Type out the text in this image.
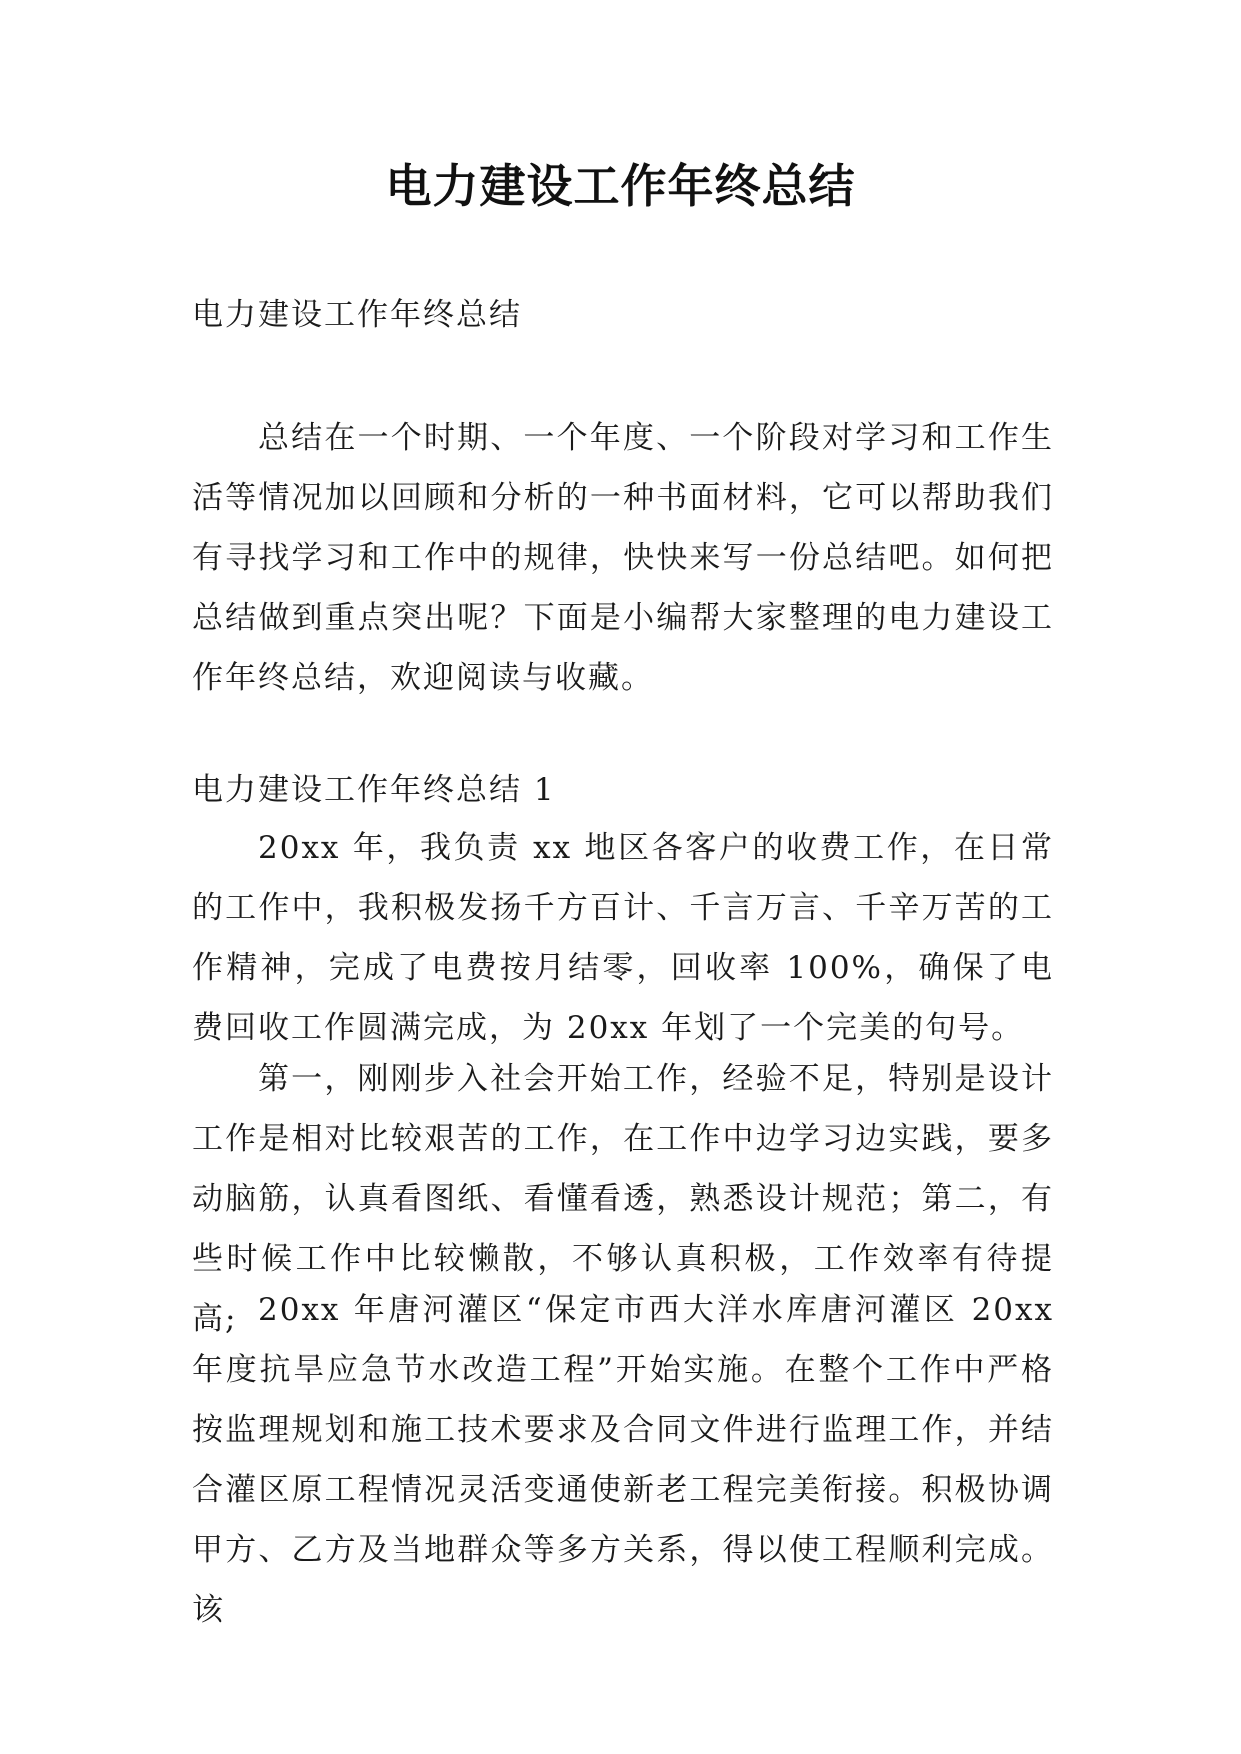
电力建设工作年终总结
电力建设工作年终总结

总结在一个时期、一个年度、一个阶段对学习和工作生活等情况加以回顾和分析的一种书面材料，它可以帮助我们有寻找学习和工作中的规律，快快来写一份总结吧。如何把总结做到重点突出呢？下面是小编帮大家整理的电力建设工作年终总结，欢迎阅读与收藏。

电力建设工作年终总结 1

20xx 年，我负责 xx 地区各客户的收费工作，在日常的工作中，我积极发扬千方百计、千言万言、千辛万苦的工作精神，完成了电费按月结零，回收率 100%，确保了电费回收工作圆满完成，为 20xx 年划了一个完美的句号。

第一，刚刚步入社会开始工作，经验不足，特别是设计工作是相对比较艰苦的工作，在工作中边学习边实践，要多动脑筋，认真看图纸、看懂看透，熟悉设计规范；第二，有些时候工作中比较懒散，不够认真积极，工作效率有待提高; 20xx 年唐河灌区“保定市西大洋水库唐河灌区 20xx 年度抗旱应急节水改造工程”开始实施。在整个工作中严格按监理规划和施工技术要求及合同文件进行监理工作，并结合灌区原工程情况灵活变通使新老工程完美衔接。积极协调甲方、乙方及当地群众等多方关系，得以使工程顺利完成。该
